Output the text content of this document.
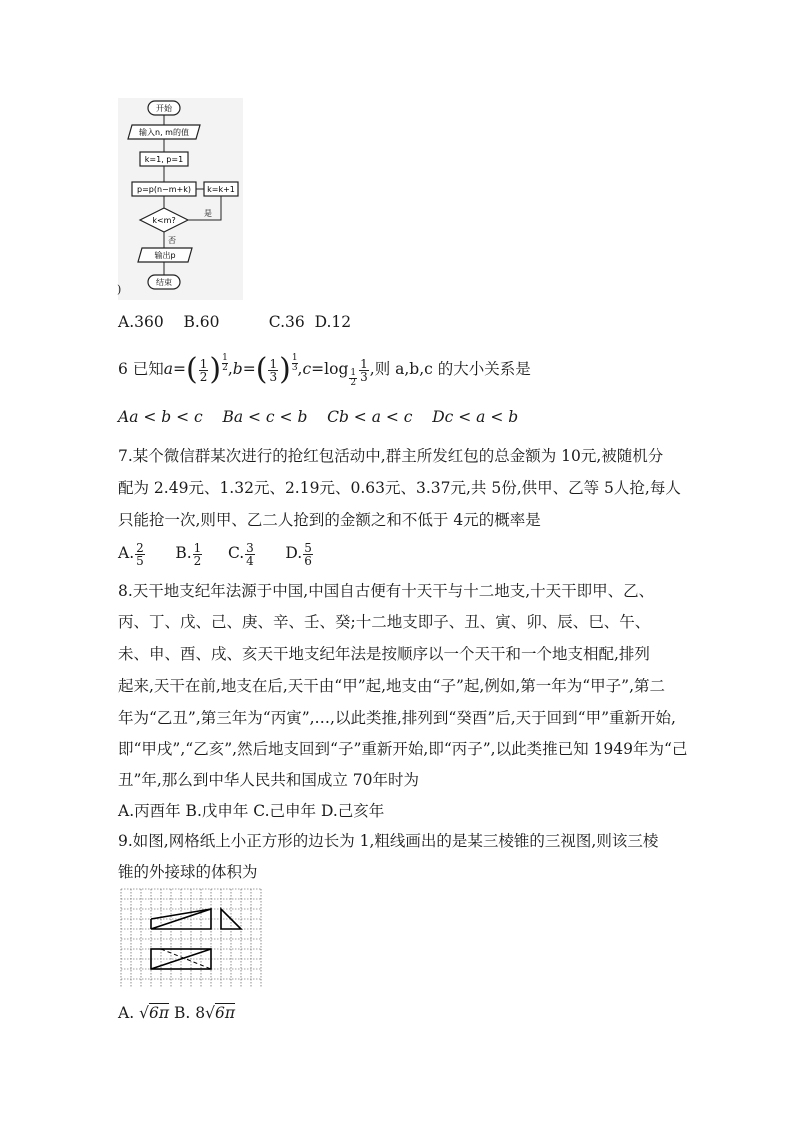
开始
输入n, m的值
k=1, p=1
p=p(n−m+k) k=k+1
k<m?
是
否
输出p
结束
)
A.360 B.60	C.36 D.12
6 已知$a=( \frac{1}{2}$ ) $\frac{1}{2} ,b=( \frac{1}{3}$ ) $\frac{1}{3} ,c=\log \frac{1}{2} \frac{1}{3}$ ,则 a,b,c 的大小关系是
Aa < b < c Ba < c < b Cb < a < c Dc < a < b
7.某个微信群某次进行的抢红包活动中,群主所发红包的总金额为 10元,被随机分
配为 2.49元、1.32元、2.19元、0.63元、3.37元,共 5份,供甲、乙等 5人抢,每人
只能抢一次,则甲、乙二人抢到的金额之和不低于 4元的概率是
A. $\frac{2}{5} B$. $\frac{1}{2} C$. $\frac{3}{4} D$. $\frac{5}{6}$
8.天干地支纪年法源于中国,中国自古便有十天干与十二地支,十天干即甲、乙、
丙、丁、戊、己、庚、辛、壬、癸;十二地支即子、丑、寅、卯、辰、巳、午、
未、申、酉、戌、亥天干地支纪年法是按顺序以一个天干和一个地支相配,排列
起来,天干在前,地支在后,天干由“甲”起,地支由“子”起,例如,第一年为“甲子”,第二
年为“乙丑”,第三年为“丙寅”,…,以此类推,排列到“癸酉”后,天于回到“甲”重新开始,
即“甲戌”,“乙亥”,然后地支回到“子”重新开始,即“丙子”,以此类推已知 1949年为“己
丑”年,那么到中华人民共和国成立 70年时为
A.丙酉年 B.戊申年 C.己申年 D.己亥年
9.如图,网格纸上小正方形的边长为 1,粗线画出的是某三棱锥的三视图,则该三棱
锥的外接球的体积为
A. √6π B. 8√6π
